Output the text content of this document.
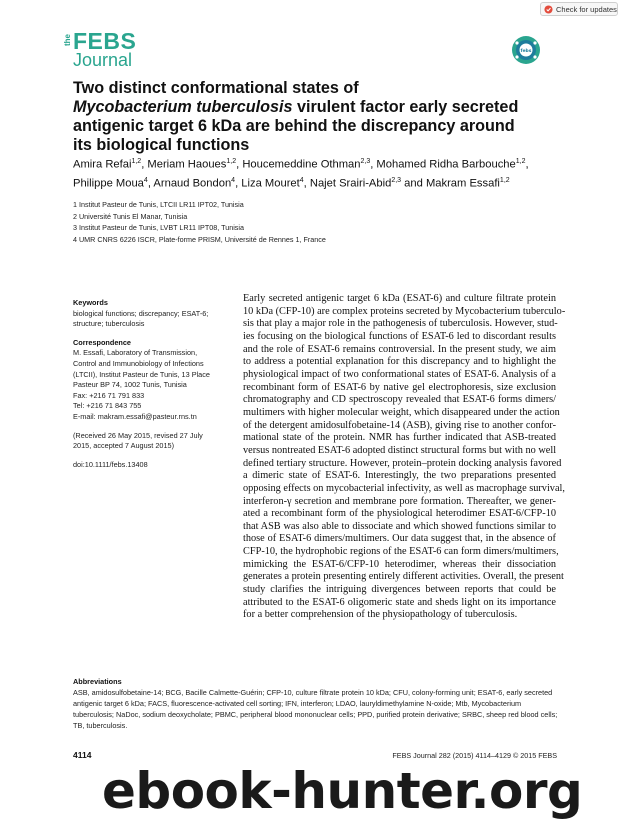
Check for updates
the FEBS
Journal	febs
Two distinct conformational states of
Mycobacterium tuberculosis virulent factor early secreted
antigenic target 6 kDa are behind the discrepancy around
its biological functions
Amira Refai$^{1,2}$, Meriam Haoues$^{1,2}$, Houcemeddine Othman$^{2,3}$, Mohamed Ridha Barbouche$^{1,2}$,
Philippe Moua$^4$, Arnaud Bondon$^4$, Liza Mouret$^4$, Najet Srairi-Abid$^{2,3}$ and Makram Essafi$^{1,2}$
1 Institut Pasteur de Tunis, LTCII LR11 IPT02, Tunisia
2 Université Tunis El Manar, Tunisia
3 Institut Pasteur de Tunis, LVBT LR11 IPT08, Tunisia
4 UMR CNRS 6226 ISCR, Plate-forme PRISM, Université de Rennes 1, France

Keywords

biological functions; discrepancy; ESAT-6; structure; tuberculosis

Correspondence

M. Essafi, Laboratory of Transmission,

Control and Immunobiology of Infections

(LTCII), Institut Pasteur de Tunis, 13 Place

Pasteur BP 74, 1002 Tunis, Tunisia

Fax: +216 71 791 833

Tel: +216 71 843 755

E-mail: makram.essafi@pasteur.rns.tn

(Received 26 May 2015, revised 27 July

2015, accepted 7 August 2015)

doi:10.1111/febs.13408

Early secreted antigenic target 6 kDa (ESAT-6) and culture filtrate protein
10 kDa (CFP-10) are complex proteins secreted by Mycobacterium tuberculo-
sis that play a major role in the pathogenesis of tuberculosis. However, stud-
ies focusing on the biological functions of ESAT-6 led to discordant results
and the role of ESAT-6 remains controversial. In the present study, we aim
to address a potential explanation for this discrepancy and to highlight the
physiological impact of two conformational states of ESAT-6. Analysis of a
recombinant form of ESAT-6 by native gel electrophoresis, size exclusion
chromatography and CD spectroscopy revealed that ESAT-6 forms dimers/
multimers with higher molecular weight, which disappeared under the action
of the detergent amidosulfobetaine-14 (ASB), giving rise to another confor-
mational state of the protein. NMR has further indicated that ASB-treated
versus nontreated ESAT-6 adopted distinct structural forms but with no well
defined tertiary structure. However, protein–protein docking analysis favored
a dimeric state of ESAT-6. Interestingly, the two preparations presented
opposing effects on mycobacterial infectivity, as well as macrophage survival,
interferon-γ secretion and membrane pore formation. Thereafter, we gener-
ated a recombinant form of the physiological heterodimer ESAT-6/CFP-10
that ASB was also able to dissociate and which showed functions similar to
those of ESAT-6 dimers/multimers. Our data suggest that, in the absence of
CFP-10, the hydrophobic regions of the ESAT-6 can form dimers/multimers,
mimicking the ESAT-6/CFP-10 heterodimer, whereas their dissociation
generates a protein presenting entirely different activities. Overall, the present
study clarifies the intriguing divergences between reports that could be
attributed to the ESAT-6 oligomeric state and sheds light on its importance
for a better comprehension of the physiopathology of tuberculosis.
Abbreviations
ASB, amidosulfobetaine-14; BCG, Bacille Calmette-Guérin; CFP-10, culture filtrate protein 10 kDa; CFU, colony-forming unit; ESAT-6, early secreted antigenic target 6 kDa; FACS, fluorescence-activated cell sorting; IFN, interferon; LDAO, lauryldimethylamine N-oxide; Mtb, Mycobacterium tuberculosis; NaDoc, sodium deoxycholate; PBMC, peripheral blood mononuclear cells; PPD, purified protein derivative; SRBC, sheep red blood cells; TB, tuberculosis.
4114	FEBS Journal 282 (2015) 4114–4129 © 2015 FEBS
ebook-hunter.org
